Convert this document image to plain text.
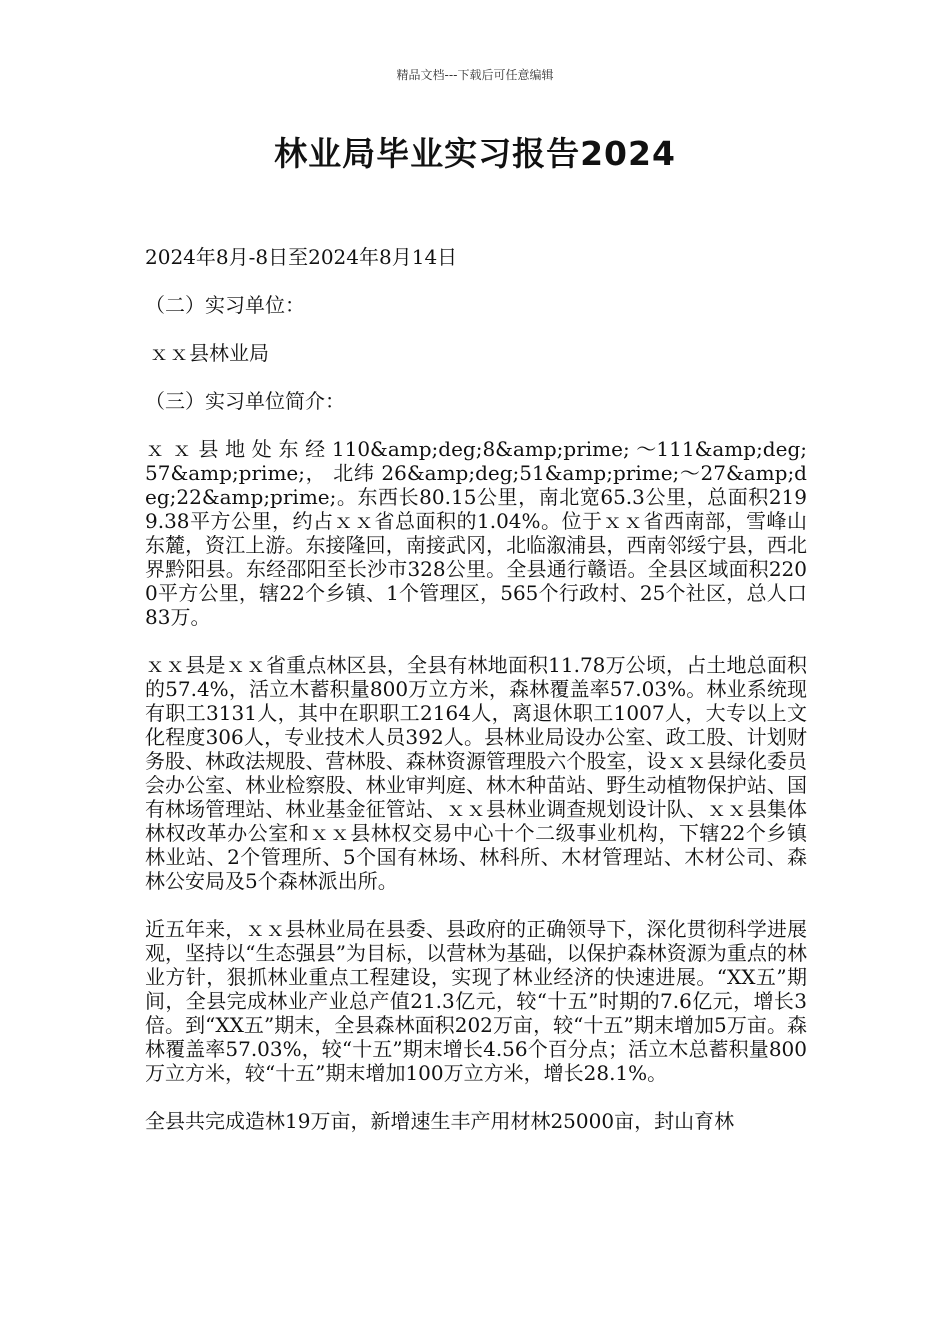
精品文档---下载后可任意编辑
林业局毕业实习报告2024

2024年8月-8日至2024年8月14日

（二）实习单位：

ｘｘ县林业局

（三）实习单位简介：

ｘ ｘ 县 地 处 东 经 110&amp;deg;8&amp;prime; ～111&amp;deg;57&amp;prime;， 北纬 26&amp;deg;51&amp;prime;～27&amp;deg;22&amp;prime;。东西长80.15公里，南北宽65.3公里，总面积2199.38平方公里，约占ｘｘ省总面积的1.04%。位于ｘｘ省西南部，雪峰山东麓，资江上游。东接隆回，南接武冈，北临溆浦县，西南邻绥宁县，西北界黔阳县。东经邵阳至长沙市328公里。全县通行赣语。全县区域面积2200平方公里，辖22个乡镇、1个管理区，565个行政村、25个社区，总人口83万。

ｘｘ县是ｘｘ省重点林区县，全县有林地面积11.78万公顷，占土地总面积的57.4%，活立木蓄积量800万立方米，森林覆盖率57.03%。林业系统现有职工3131人，其中在职职工2164人，离退休职工1007人，大专以上文化程度306人，专业技术人员392人。县林业局设办公室、政工股、计划财务股、林政法规股、营林股、森林资源管理股六个股室，设ｘｘ县绿化委员会办公室、林业检察股、林业审判庭、林木种苗站、野生动植物保护站、国有林场管理站、林业基金征管站、ｘｘ县林业调查规划设计队、ｘｘ县集体林权改革办公室和ｘｘ县林权交易中心十个二级事业机构，下辖22个乡镇林业站、2个管理所、5个国有林场、林科所、木材管理站、木材公司、森林公安局及5个森林派出所。

近五年来，ｘｘ县林业局在县委、县政府的正确领导下，深化贯彻科学进展观，坚持以“生态强县”为目标，以营林为基础，以保护森林资源为重点的林业方针，狠抓林业重点工程建设，实现了林业经济的快速进展。“XX五”期间，全县完成林业产业总产值21.3亿元，较“十五”时期的7.6亿元，增长3倍。到“XX五”期末，全县森林面积202万亩，较“十五”期末增加5万亩。森林覆盖率57.03%，较“十五”期末增长4.56个百分点；活立木总蓄积量800万立方米，较“十五”期末增加100万立方米，增长28.1%。

全县共完成造林19万亩，新增速生丰产用材林25000亩，封山育林
